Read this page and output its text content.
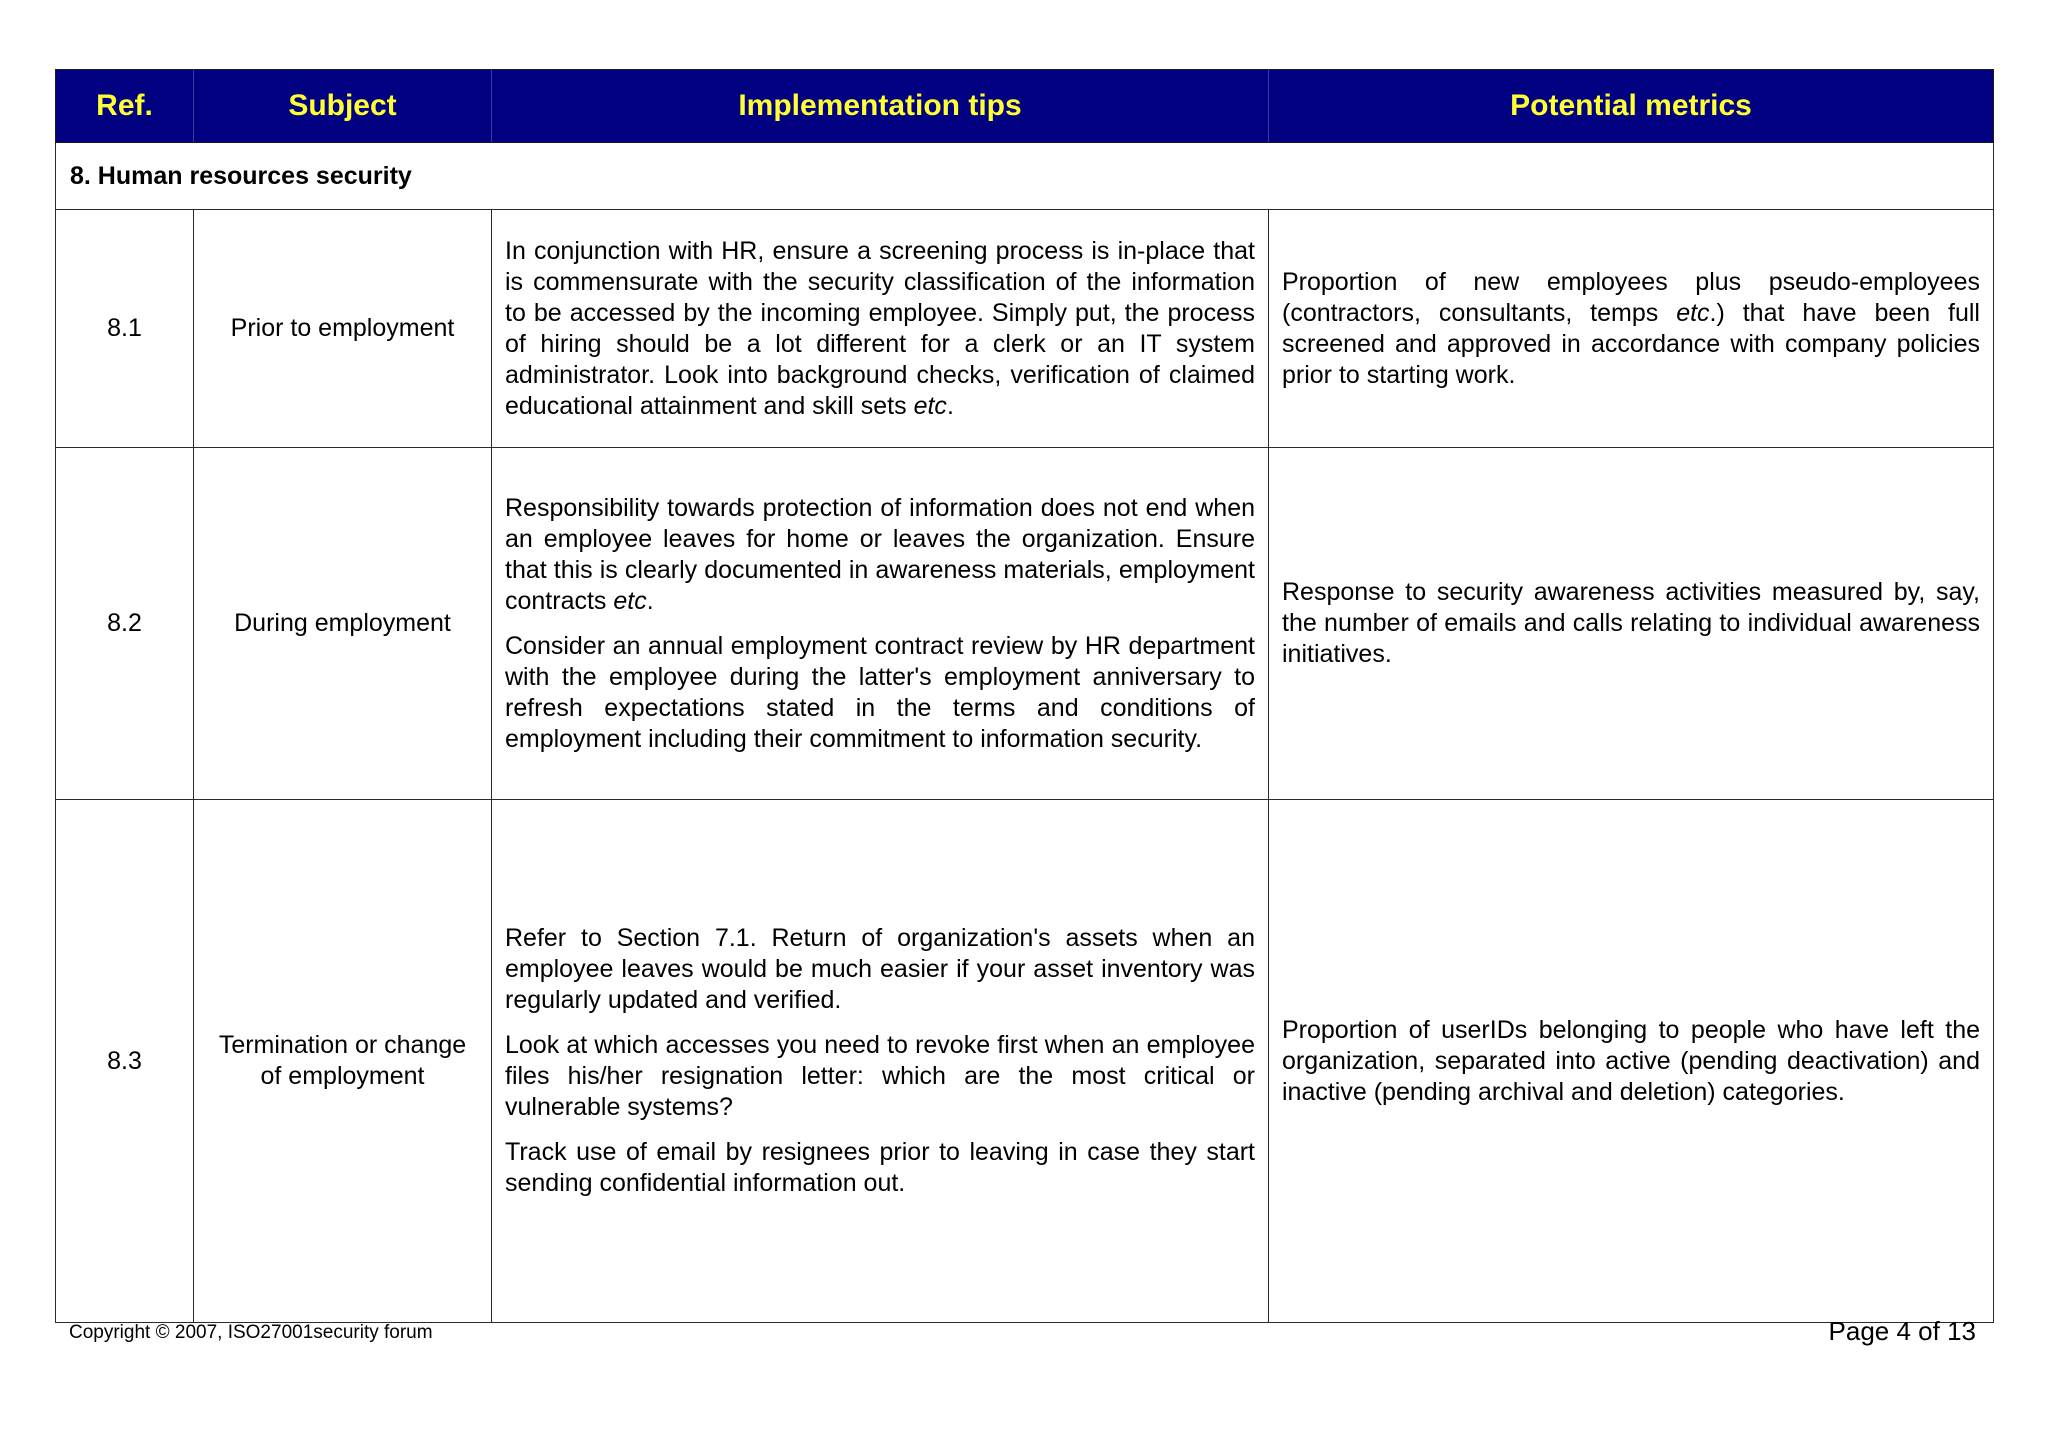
Ref.	Subject	Implementation tips	Potential metrics
8. Human resources security			
8.1	Prior to employment	In conjunction with HR, ensure a screening process is in-place that is commensurate with the security classification of the information to be accessed by the incoming employee. Simply put, the process of hiring should be a lot different for a clerk or an IT system administrator. Look into background checks, verification of claimed educational attainment and skill sets etc.	Proportion of new employees plus pseudo-employees (contractors, consultants, temps etc.) that have been full screened and approved in accordance with company policies prior to starting work.

8.2	During employment	Responsibility towards protection of information does not end when an employee leaves for home or leaves the organization. Ensure that this is clearly documented in awareness materials, employment contracts etc.

Consider an annual employment contract review by HR department with the employee during the latter's employment anniversary to refresh expectations stated in the terms and conditions of employment including their commitment to information security.	Response to security awareness activities measured by, say, the number of emails and calls relating to individual awareness initiatives.

8.3	Termination or change of employment	Refer to Section 7.1. Return of organization's assets when an employee leaves would be much easier if your asset inventory was regularly updated and verified.

Look at which accesses you need to revoke first when an employee files his/her resignation letter: which are the most critical or vulnerable systems?

Track use of email by resignees prior to leaving in case they start sending confidential information out.	Proportion of userIDs belonging to people who have left the organization, separated into active (pending deactivation) and inactive (pending archival and deletion) categories.

Copyright © 2007, ISO27001security forum	Page 4 of 13
